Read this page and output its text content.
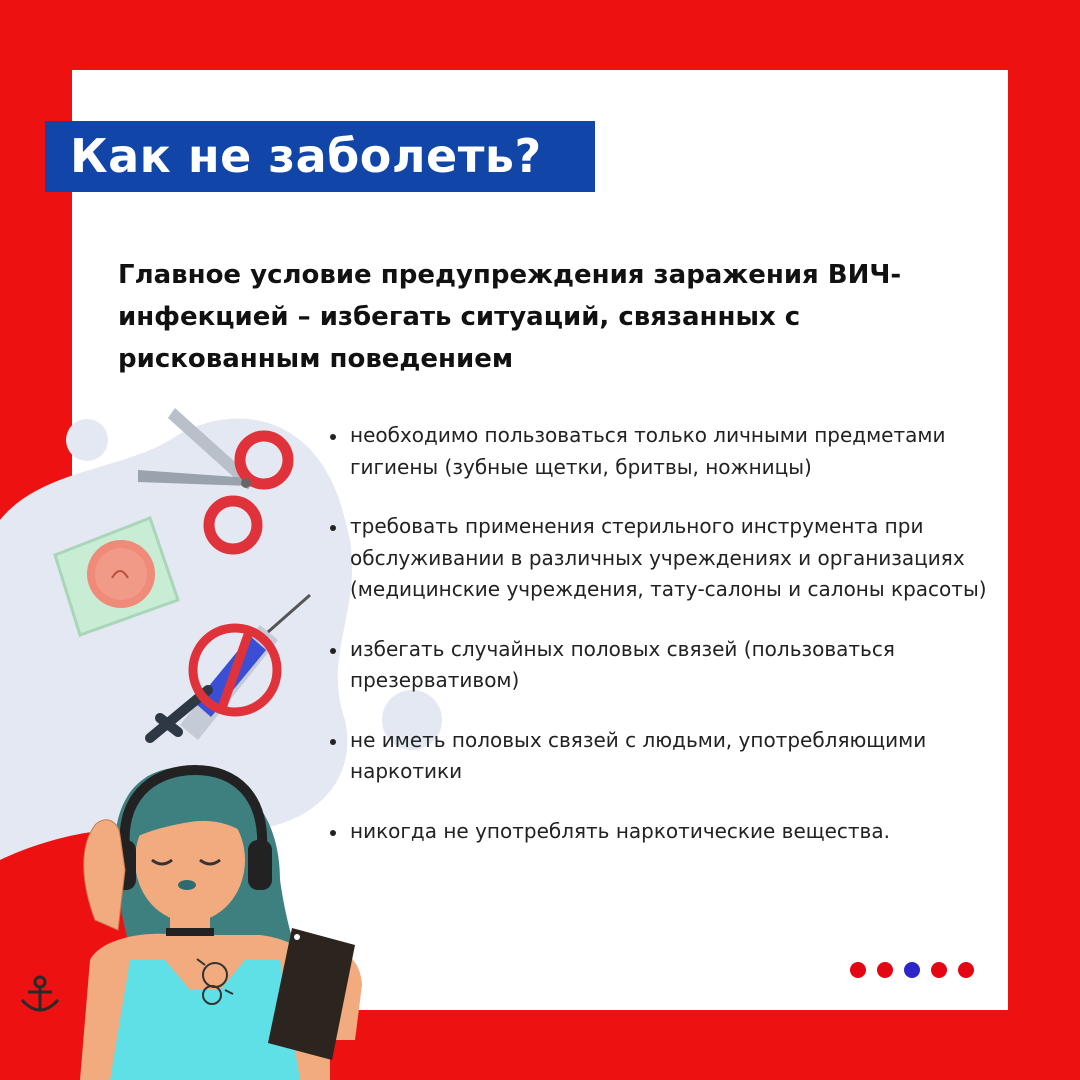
Как не заболеть?
Главное условие предупреждения заражения ВИЧ-инфекцией – избегать ситуаций, связанных с рискованным поведением
необходимо пользоваться только личными предметами гигиены (зубные щетки, бритвы, ножницы)
требовать применения стерильного инструмента при обслуживании в различных учреждениях и организациях (медицинские учреждения, тату-салоны и салоны красоты)
избегать случайных половых связей (пользоваться презервативом)
не иметь половых связей с людьми, употребляющими наркотики
никогда не употреблять наркотические вещества.
